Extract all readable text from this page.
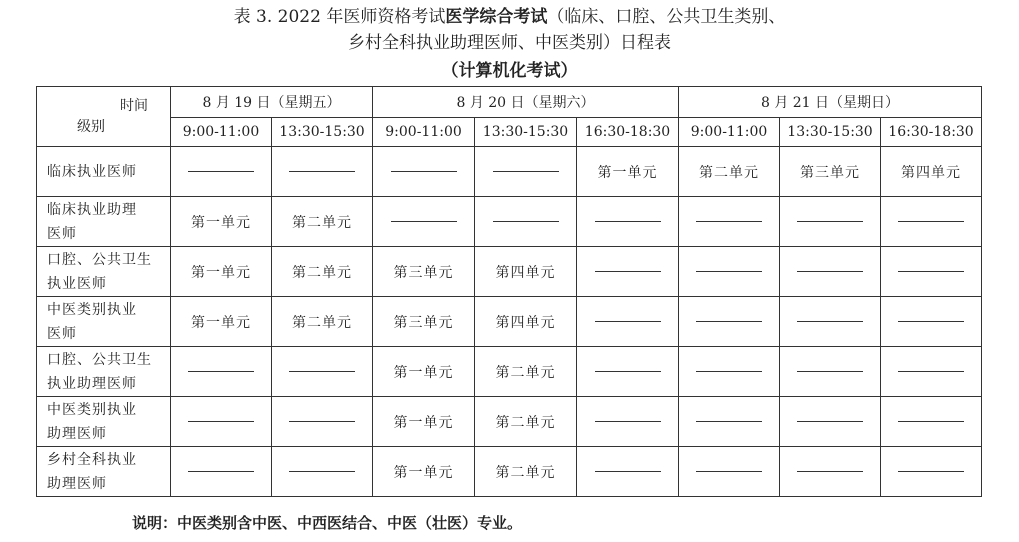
表 3. 2022 年医师资格考试医学综合考试（临床、口腔、公共卫生类别、
乡村全科执业助理医师、中医类别）日程表
（计算机化考试）
时间
级别	8 月 19 日（星期五）		8 月 20 日（星期六）			8 月 21 日（星期日）		
	9:00-11:00	13:30-15:30	9:00-11:00	13:30-15:30	16:30-18:30	9:00-11:00	13:30-15:30	16:30-18:30

临床执业医师					第一单元	第二单元	第三单元	第四单元

临床执业助理
医师	第一单元	第二单元						

口腔、公共卫生
执业医师	第一单元	第二单元	第三单元	第四单元				

中医类别执业
医师	第一单元	第二单元	第三单元	第四单元				

口腔、公共卫生
执业助理医师			第一单元	第二单元				

中医类别执业
助理医师			第一单元	第二单元				

乡村全科执业
助理医师			第一单元	第二单元				
说明：中医类别含中医、中西医结合、中医（壮医）专业。
